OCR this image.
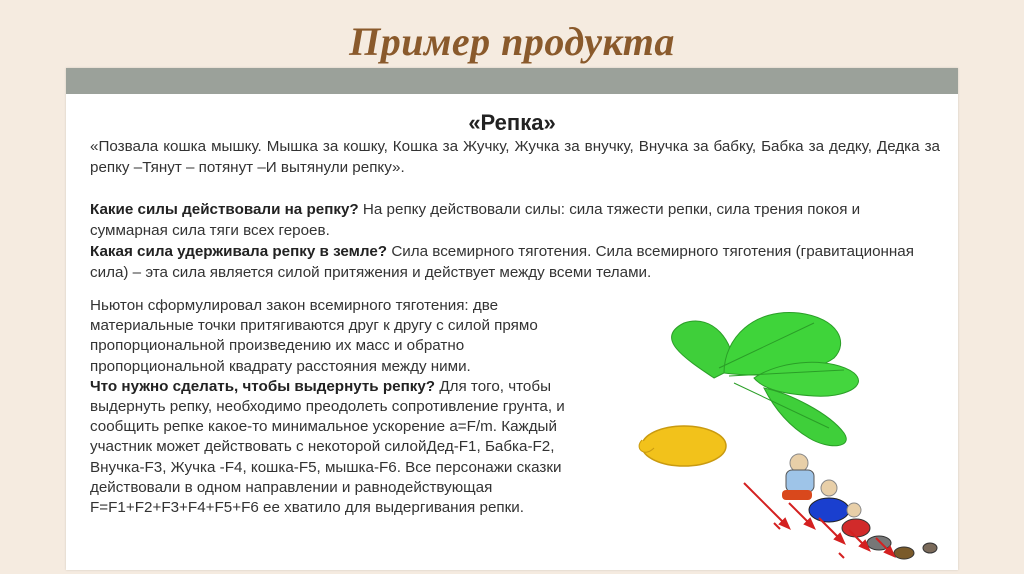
Пример продукта
«Репка»
«Позвала кошка мышку. Мышка за кошку, Кошка за Жучку, Жучка за внучку, Внучка за бабку, Бабка за дедку, Дедка за репку –Тянут – потянут –И вытянули репку».
Какие силы действовали на репку? На репку действовали силы: сила тяжести репки, сила трения покоя и суммарная сила тяги всех героев.
Какая сила удерживала репку в земле? Сила всемирного тяготения. Сила всемирного тяготения (гравитационная сила) – эта сила является силой притяжения и действует между всеми телами.
Ньютон сформулировал закон всемирного тяготения: две материальные точки притягиваются друг к другу с силой прямо пропорциональной произведению их масс и обратно пропорциональной квадрату расстояния между ними.
Что нужно сделать, чтобы выдернуть репку? Для того, чтобы выдернуть репку, необходимо преодолеть сопротивление грунта, и сообщить репке какое-то минимальное ускорение a=F/m. Каждый участник может действовать с некоторой силойДед-F1, Бабка-F2, Внучка-F3, Жучка -F4, кошка-F5, мышка-F6. Все персонажи сказки действовали в одном направлении и равнодействующая F=F1+F2+F3+F4+F5+F6 ее хватило для выдергивания репки.
